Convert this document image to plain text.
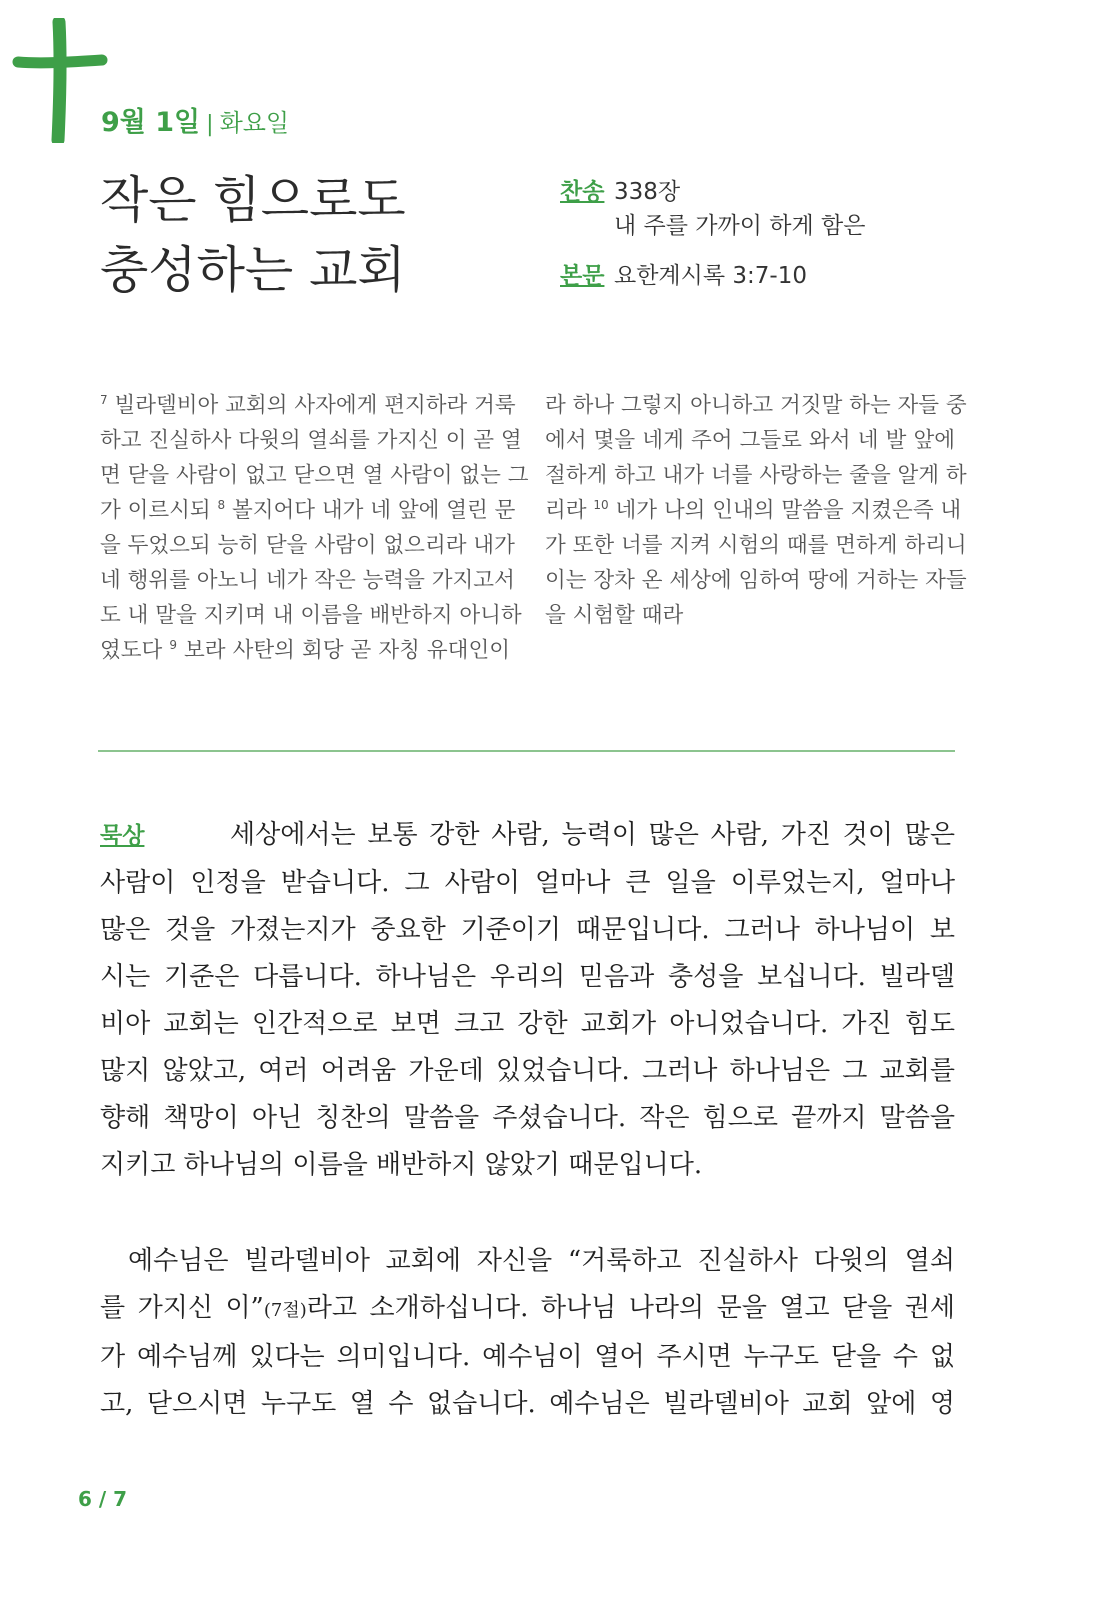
9월 1일 | 화요일
작은 힘으로도
충성하는 교회
찬송 338장
내 주를 가까이 하게 함은
본문 요한계시록 3:7-10
$^7$ 빌라델비아 교회의 사자에게 편지하라 거룩
하고 진실하사 다윗의 열쇠를 가지신 이 곧 열
면 닫을 사람이 없고 닫으면 열 사람이 없는 그
가 이르시되 $^8$ 볼지어다 내가 네 앞에 열린 문
을 두었으되 능히 닫을 사람이 없으리라 내가
네 행위를 아노니 네가 작은 능력을 가지고서
도 내 말을 지키며 내 이름을 배반하지 아니하
였도다 $^9$ 보라 사탄의 회당 곧 자칭 유대인이
라 하나 그렇지 아니하고 거짓말 하는 자들 중
에서 몇을 네게 주어 그들로 와서 네 발 앞에
절하게 하고 내가 너를 사랑하는 줄을 알게 하
리라 $^{10}$ 네가 나의 인내의 말씀을 지켰은즉 내
가 또한 너를 지켜 시험의 때를 면하게 하리니
이는 장차 온 세상에 임하여 땅에 거하는 자들
을 시험할 때라
묵상	세상에서는 보통 강한 사람, 능력이 많은 사람, 가진 것이 많은
사람이 인정을 받습니다. 그 사람이 얼마나 큰 일을 이루었는지, 얼마나
많은 것을 가졌는지가 중요한 기준이기 때문입니다. 그러나 하나님이 보
시는 기준은 다릅니다. 하나님은 우리의 믿음과 충성을 보십니다. 빌라델
비아 교회는 인간적으로 보면 크고 강한 교회가 아니었습니다. 가진 힘도
많지 않았고, 여러 어려움 가운데 있었습니다. 그러나 하나님은 그 교회를
향해 책망이 아닌 칭찬의 말씀을 주셨습니다. 작은 힘으로 끝까지 말씀을
지키고 하나님의 이름을 배반하지 않았기 때문입니다.
예수님은 빌라델비아 교회에 자신을 “거룩하고 진실하사 다윗의 열쇠
를 가지신 이”(7절)라고 소개하십니다. 하나님 나라의 문을 열고 닫을 권세
가 예수님께 있다는 의미입니다. 예수님이 열어 주시면 누구도 닫을 수 없
고, 닫으시면 누구도 열 수 없습니다. 예수님은 빌라델비아 교회 앞에 영
6 / 7
